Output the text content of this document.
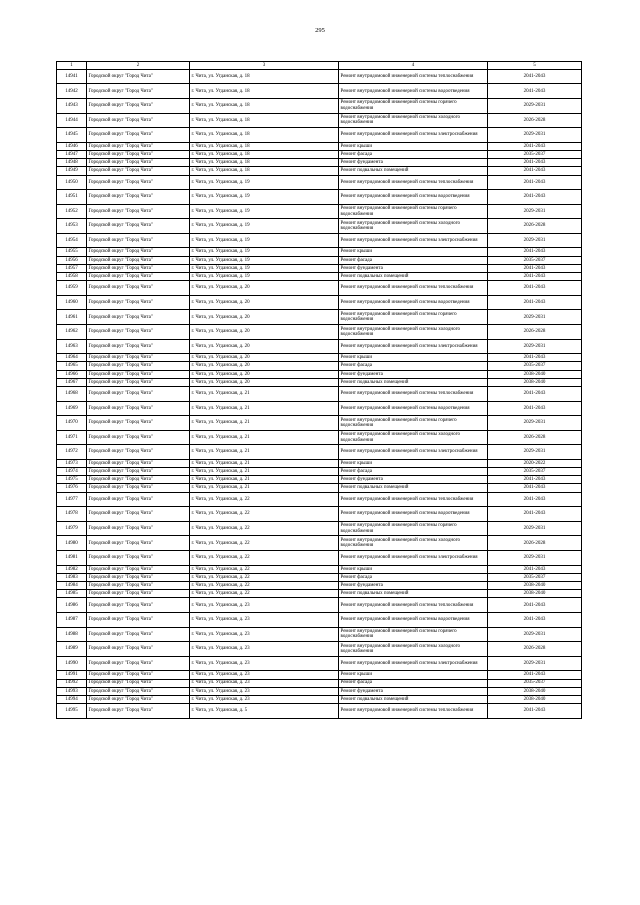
295
1	2	3	4	5
14941	Городской округ "Город Чита"	г. Чита, ул. Угданская, д. 18	Ремонт внутридомовой инженерной системы теплоснабжения	2041-2043
14942	Городской округ "Город Чита"	г. Чита, ул. Угданская, д. 18	Ремонт внутридомовой инженерной системы водоотведения	2041-2043
14943	Городской округ "Город Чита"	г. Чита, ул. Угданская, д. 18	Ремонт внутридомовой инженерной системы горячего водоснабжения	2029-2031
14944	Городской округ "Город Чита"	г. Чита, ул. Угданская, д. 18	Ремонт внутридомовой инженерной системы холодного водоснабжения	2026-2028
14945	Городской округ "Город Чита"	г. Чита, ул. Угданская, д. 18	Ремонт внутридомовой инженерной системы электроснабжения	2029-2031
14946	Городской округ "Город Чита"	г. Чита, ул. Угданская, д. 18	Ремонт крыши	2041-2043
14947	Городской округ "Город Чита"	г. Чита, ул. Угданская, д. 18	Ремонт фасада	2035-2037
14948	Городской округ "Город Чита"	г. Чита, ул. Угданская, д. 18	Ремонт фундамента	2041-2043
14949	Городской округ "Город Чита"	г. Чита, ул. Угданская, д. 18	Ремонт подвальных помещений	2041-2043
14950	Городской округ "Город Чита"	г. Чита, ул. Угданская, д. 19	Ремонт внутридомовой инженерной системы теплоснабжения	2041-2043
14951	Городской округ "Город Чита"	г. Чита, ул. Угданская, д. 19	Ремонт внутридомовой инженерной системы водоотведения	2041-2043
14952	Городской округ "Город Чита"	г. Чита, ул. Угданская, д. 19	Ремонт внутридомовой инженерной системы горячего водоснабжения	2029-2031
14953	Городской округ "Город Чита"	г. Чита, ул. Угданская, д. 19	Ремонт внутридомовой инженерной системы холодного водоснабжения	2026-2028
14954	Городской округ "Город Чита"	г. Чита, ул. Угданская, д. 19	Ремонт внутридомовой инженерной системы электроснабжения	2029-2031
14955	Городской округ "Город Чита"	г. Чита, ул. Угданская, д. 19	Ремонт крыши	2041-2043
14956	Городской округ "Город Чита"	г. Чита, ул. Угданская, д. 19	Ремонт фасада	2035-2037
14957	Городской округ "Город Чита"	г. Чита, ул. Угданская, д. 19	Ремонт фундамента	2041-2043
14958	Городской округ "Город Чита"	г. Чита, ул. Угданская, д. 19	Ремонт подвальных помещений	2041-2043
14959	Городской округ "Город Чита"	г. Чита, ул. Угданская, д. 20	Ремонт внутридомовой инженерной системы теплоснабжения	2041-2043
14960	Городской округ "Город Чита"	г. Чита, ул. Угданская, д. 20	Ремонт внутридомовой инженерной системы водоотведения	2041-2043
14961	Городской округ "Город Чита"	г. Чита, ул. Угданская, д. 20	Ремонт внутридомовой инженерной системы горячего водоснабжения	2029-2031
14962	Городской округ "Город Чита"	г. Чита, ул. Угданская, д. 20	Ремонт внутридомовой инженерной системы холодного водоснабжения	2026-2028
14963	Городской округ "Город Чита"	г. Чита, ул. Угданская, д. 20	Ремонт внутридомовой инженерной системы электроснабжения	2029-2031
14964	Городской округ "Город Чита"	г. Чита, ул. Угданская, д. 20	Ремонт крыши	2041-2043
14965	Городской округ "Город Чита"	г. Чита, ул. Угданская, д. 20	Ремонт фасада	2035-2037
14966	Городской округ "Город Чита"	г. Чита, ул. Угданская, д. 20	Ремонт фундамента	2038-2040
14967	Городской округ "Город Чита"	г. Чита, ул. Угданская, д. 20	Ремонт подвальных помещений	2038-2040
14968	Городской округ "Город Чита"	г. Чита, ул. Угданская, д. 21	Ремонт внутридомовой инженерной системы теплоснабжения	2041-2043
14969	Городской округ "Город Чита"	г. Чита, ул. Угданская, д. 21	Ремонт внутридомовой инженерной системы водоотведения	2041-2043
14970	Городской округ "Город Чита"	г. Чита, ул. Угданская, д. 21	Ремонт внутридомовой инженерной системы горячего водоснабжения	2029-2031
14971	Городской округ "Город Чита"	г. Чита, ул. Угданская, д. 21	Ремонт внутридомовой инженерной системы холодного водоснабжения	2026-2028
14972	Городской округ "Город Чита"	г. Чита, ул. Угданская, д. 21	Ремонт внутридомовой инженерной системы электроснабжения	2029-2031
14973	Городской округ "Город Чита"	г. Чита, ул. Угданская, д. 21	Ремонт крыши	2020-2022
14974	Городской округ "Город Чита"	г. Чита, ул. Угданская, д. 21	Ремонт фасада	2035-2037
14975	Городской округ "Город Чита"	г. Чита, ул. Угданская, д. 21	Ремонт фундамента	2041-2043
14976	Городской округ "Город Чита"	г. Чита, ул. Угданская, д. 21	Ремонт подвальных помещений	2041-2043
14977	Городской округ "Город Чита"	г. Чита, ул. Угданская, д. 22	Ремонт внутридомовой инженерной системы теплоснабжения	2041-2043
14978	Городской округ "Город Чита"	г. Чита, ул. Угданская, д. 22	Ремонт внутридомовой инженерной системы водоотведения	2041-2043
14979	Городской округ "Город Чита"	г. Чита, ул. Угданская, д. 22	Ремонт внутридомовой инженерной системы горячего водоснабжения	2029-2031
14980	Городской округ "Город Чита"	г. Чита, ул. Угданская, д. 22	Ремонт внутридомовой инженерной системы холодного водоснабжения	2026-2028
14981	Городской округ "Город Чита"	г. Чита, ул. Угданская, д. 22	Ремонт внутридомовой инженерной системы электроснабжения	2029-2031
14982	Городской округ "Город Чита"	г. Чита, ул. Угданская, д. 22	Ремонт крыши	2041-2043
14983	Городской округ "Город Чита"	г. Чита, ул. Угданская, д. 22	Ремонт фасада	2035-2037
14984	Городской округ "Город Чита"	г. Чита, ул. Угданская, д. 22	Ремонт фундамента	2038-2040
14985	Городской округ "Город Чита"	г. Чита, ул. Угданская, д. 22	Ремонт подвальных помещений	2038-2040
14986	Городской округ "Город Чита"	г. Чита, ул. Угданская, д. 23	Ремонт внутридомовой инженерной системы теплоснабжения	2041-2043
14987	Городской округ "Город Чита"	г. Чита, ул. Угданская, д. 23	Ремонт внутридомовой инженерной системы водоотведения	2041-2043
14988	Городской округ "Город Чита"	г. Чита, ул. Угданская, д. 23	Ремонт внутридомовой инженерной системы горячего водоснабжения	2029-2031
14989	Городской округ "Город Чита"	г. Чита, ул. Угданская, д. 23	Ремонт внутридомовой инженерной системы холодного водоснабжения	2026-2028
14990	Городской округ "Город Чита"	г. Чита, ул. Угданская, д. 23	Ремонт внутридомовой инженерной системы электроснабжения	2029-2031
14991	Городской округ "Город Чита"	г. Чита, ул. Угданская, д. 23	Ремонт крыши	2041-2043
14992	Городской округ "Город Чита"	г. Чита, ул. Угданская, д. 23	Ремонт фасада	2035-2037
14993	Городской округ "Город Чита"	г. Чита, ул. Угданская, д. 23	Ремонт фундамента	2038-2040
14994	Городской округ "Город Чита"	г. Чита, ул. Угданская, д. 23	Ремонт подвальных помещений	2038-2040
14995	Городской округ "Город Чита"	г. Чита, ул. Угданская, д. 5	Ремонт внутридомовой инженерной системы теплоснабжения	2041-2043
